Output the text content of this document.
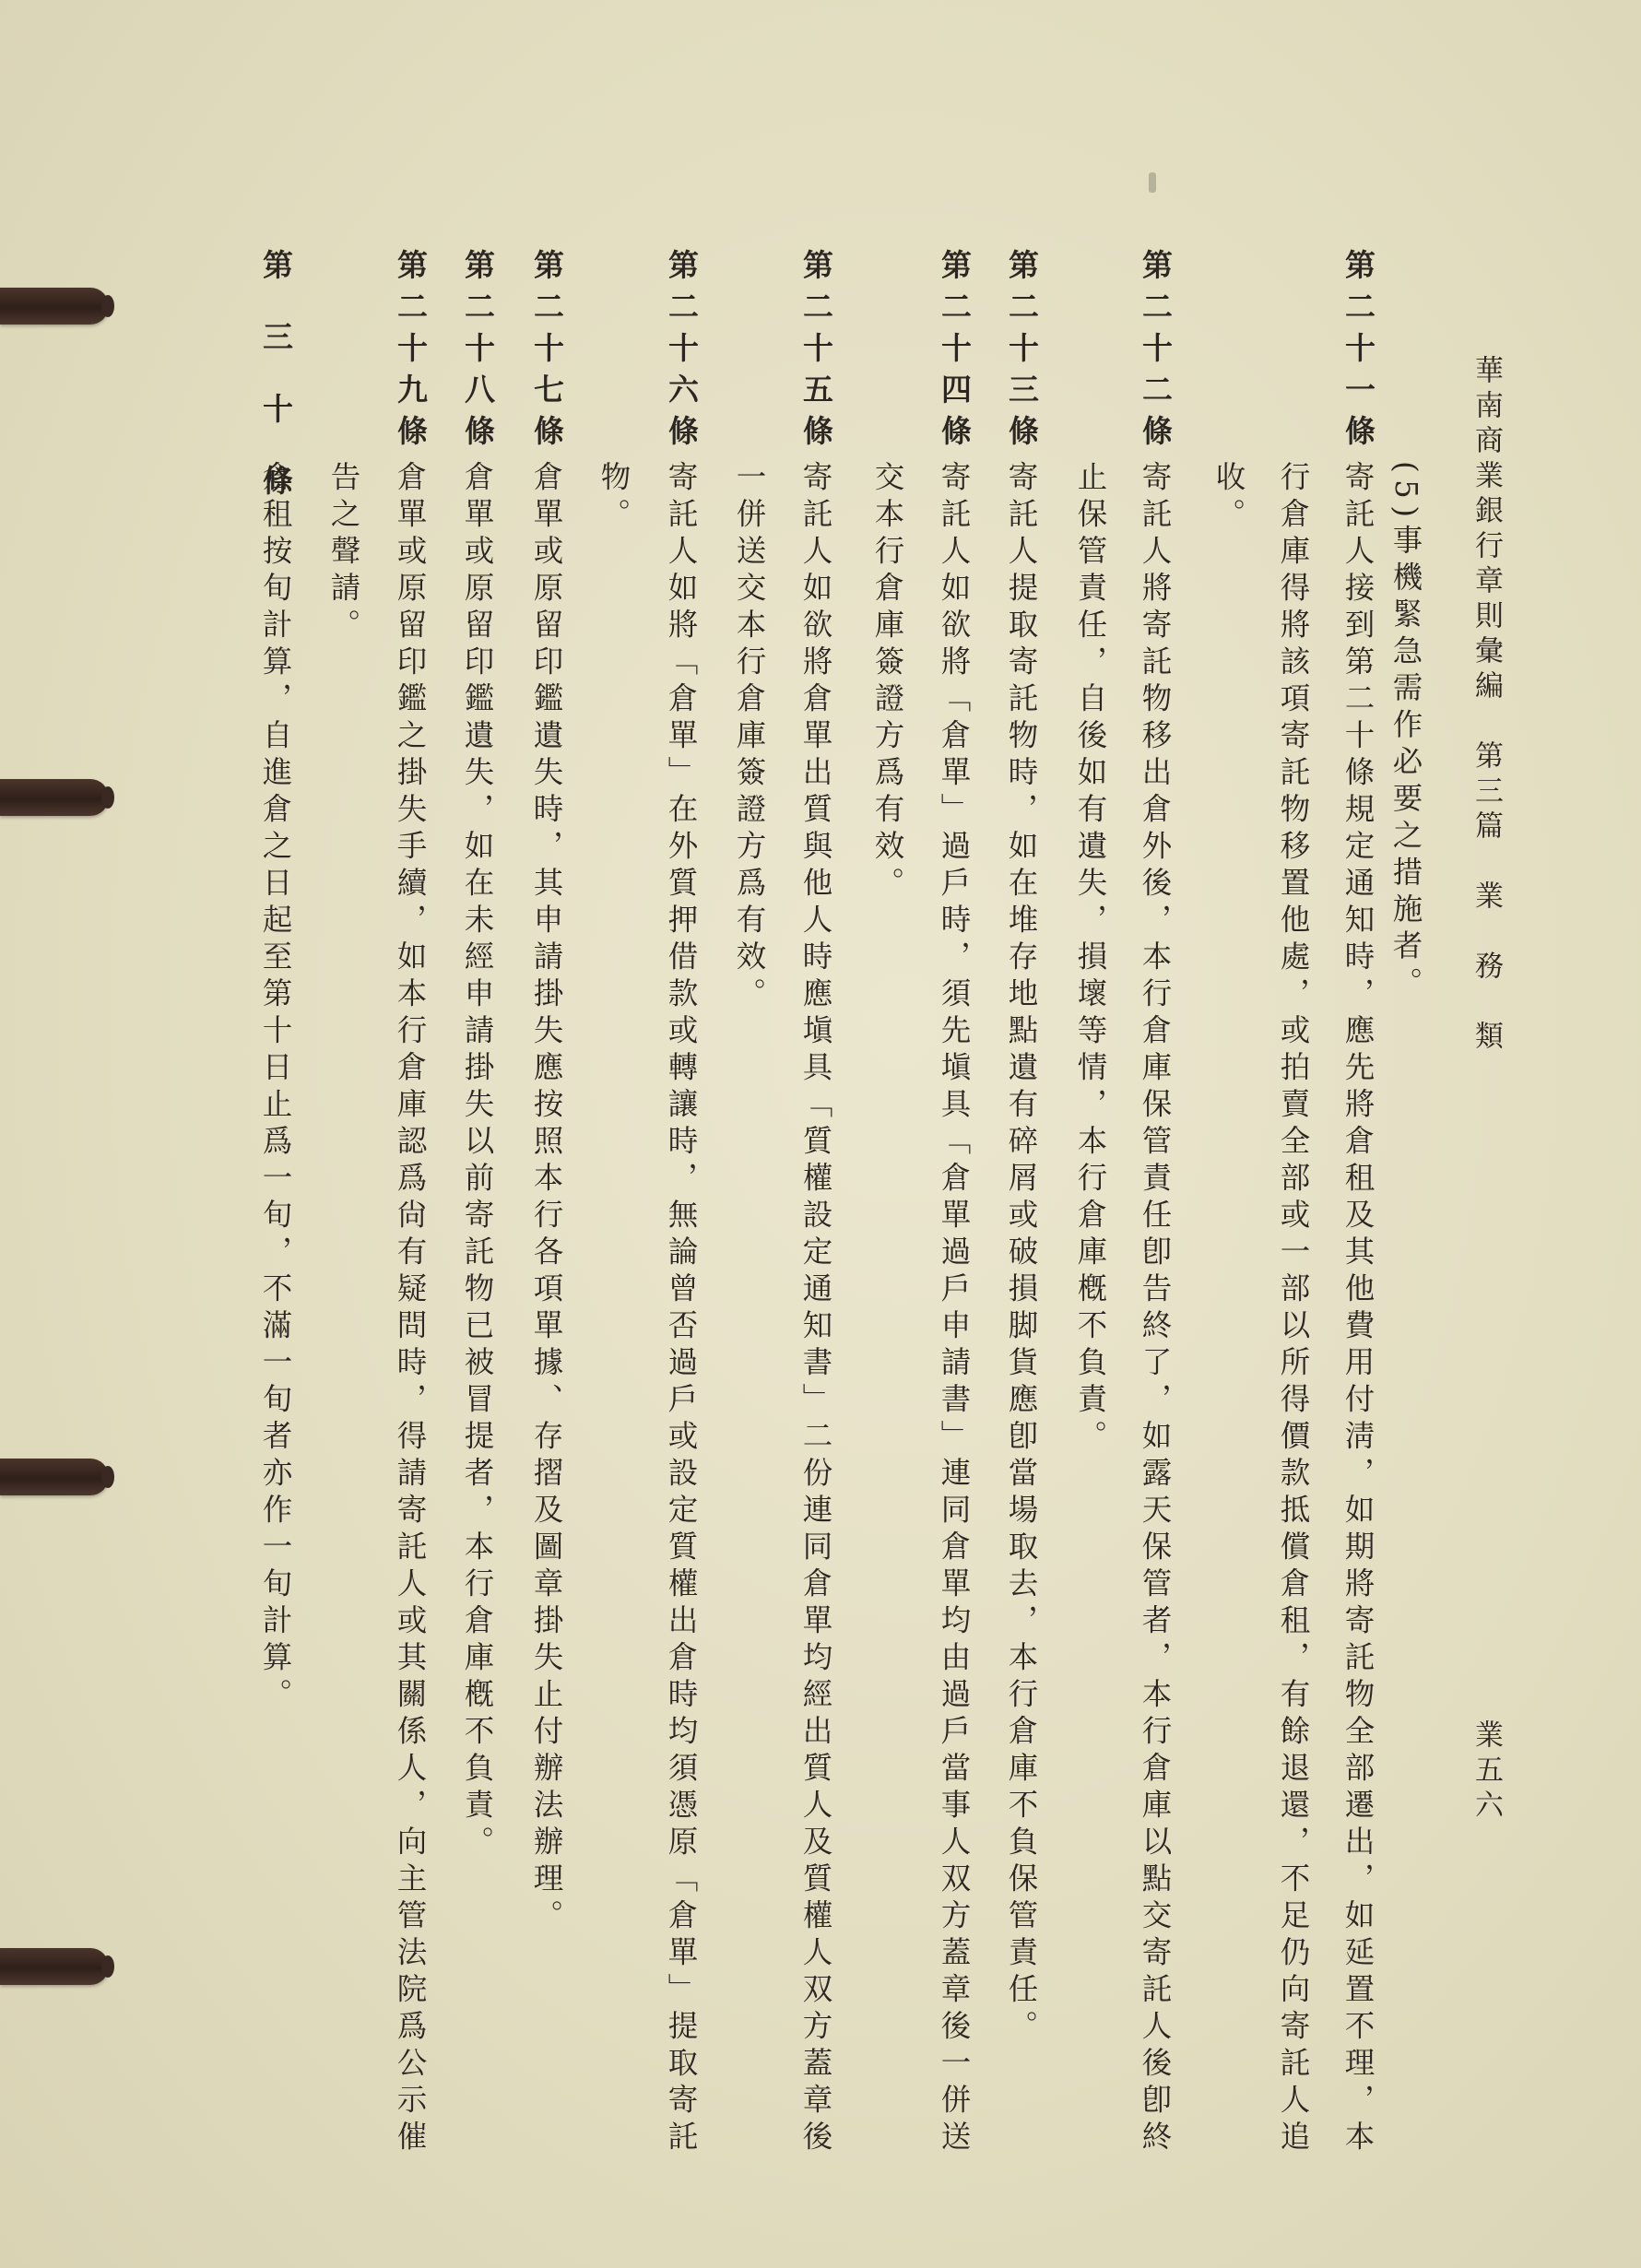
華南商業銀行章則彙編　第三篇　業　務　類
業五六
第二十一條
(5)事機緊急需作必要之措施者。
寄託人接到第二十條規定通知時，應先將倉租及其他費用付淸，如期將寄託物全部遷出，如延置不理，本
行倉庫得將該項寄託物移置他處，或拍賣全部或一部以所得價款抵償倉租，有餘退還，不足仍向寄託人追
收。
第二十二條
寄託人將寄託物移出倉外後，本行倉庫保管責任卽告終了，如露天保管者，本行倉庫以點交寄託人後卽終
止保管責任，自後如有遺失，損壞等情，本行倉庫槪不負責。
第二十三條
寄託人提取寄託物時，如在堆存地點遺有碎屑或破損脚貨應卽當場取去，本行倉庫不負保管責任。
第二十四條
寄託人如欲將「倉單」過戶時，須先塡具「倉單過戶申請書」連同倉單均由過戶當事人双方蓋章後一併送
交本行倉庫簽證方爲有效。
第二十五條
寄託人如欲將倉單出質與他人時應塡具「質權設定通知書」二份連同倉單均經出質人及質權人双方蓋章後
一併送交本行倉庫簽證方爲有效。
第二十六條
寄託人如將「倉單」在外質押借款或轉讓時，無論曾否過戶或設定質權出倉時均須憑原「倉單」提取寄託
物。
第二十七條
倉單或原留印鑑遺失時，其申請掛失應按照本行各項單據、存摺及圖章掛失止付辦法辦理。
第二十八條
倉單或原留印鑑遺失，如在未經申請掛失以前寄託物已被冒提者，本行倉庫槪不負責。
第二十九條
倉單或原留印鑑之掛失手續，如本行倉庫認爲尙有疑問時，得請寄託人或其關係人，向主管法院爲公示催
告之聲請。
第　三　十　條
倉租按旬計算，自進倉之日起至第十日止爲一旬，不滿一旬者亦作一旬計算。
